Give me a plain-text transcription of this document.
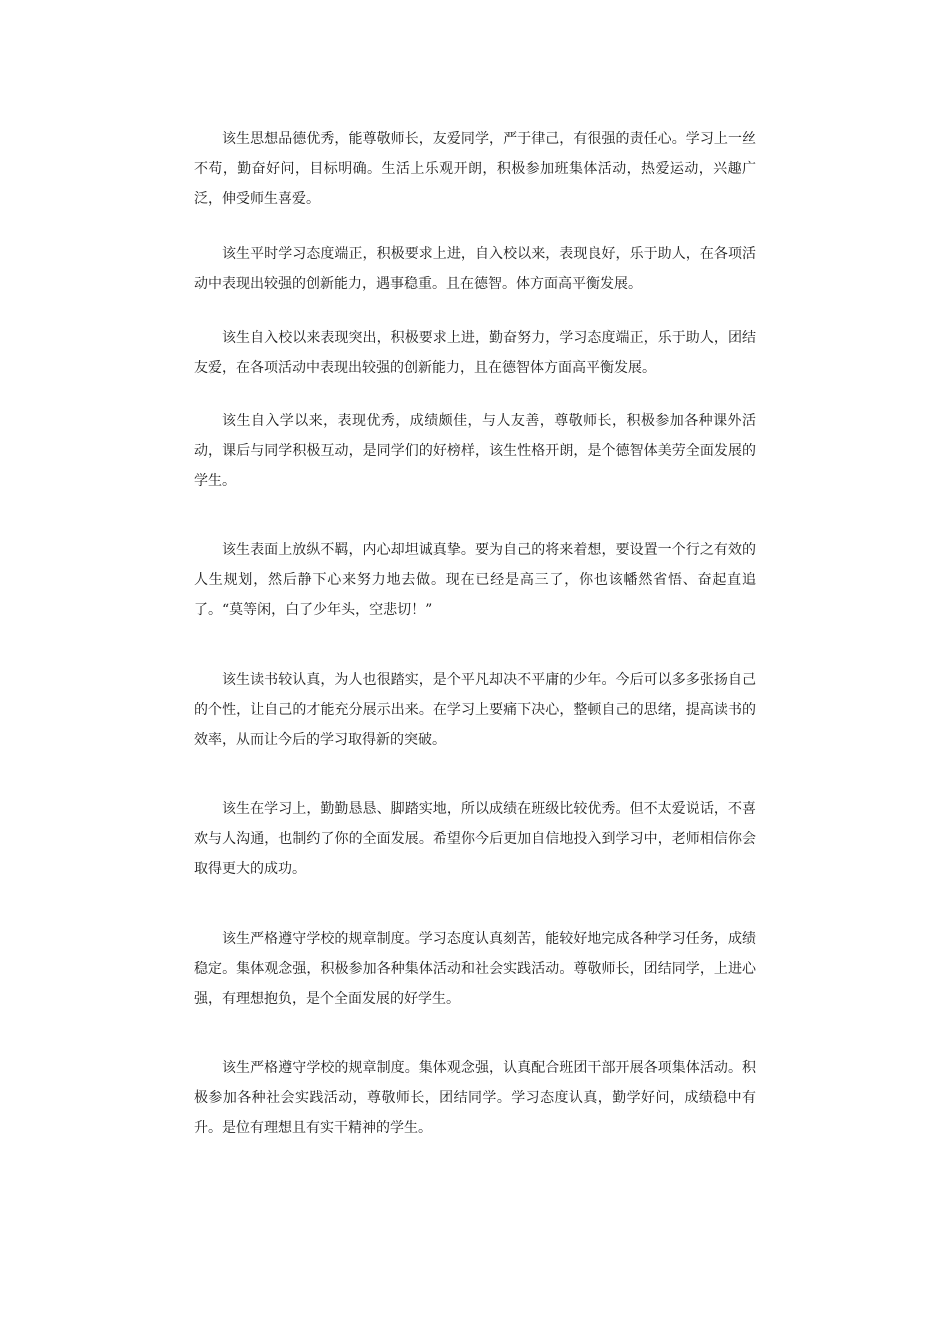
该生思想品德优秀，能尊敬师长，友爱同学，严于律己，有很强的责任心。学习上一丝不苟，勤奋好问，目标明确。生活上乐观开朗，积极参加班集体活动，热爱运动，兴趣广泛，伸受师生喜爱。

该生平时学习态度端正，积极要求上进，自入校以来，表现良好，乐于助人，在各项活动中表现出较强的创新能力，遇事稳重。且在德智。体方面高平衡发展。

该生自入校以来表现突出，积极要求上进，勤奋努力，学习态度端正，乐于助人，团结友爱，在各项活动中表现出较强的创新能力，且在德智体方面高平衡发展。

该生自入学以来，表现优秀，成绩颇佳，与人友善，尊敬师长，积极参加各种课外活动，课后与同学积极互动，是同学们的好榜样，该生性格开朗，是个德智体美劳全面发展的学生。

该生表面上放纵不羁，内心却坦诚真挚。要为自己的将来着想，要设置一个行之有效的人生规划，然后静下心来努力地去做。现在已经是高三了，你也该幡然省悟、奋起直追了。“莫等闲，白了少年头，空悲切！”

该生读书较认真，为人也很踏实，是个平凡却决不平庸的少年。今后可以多多张扬自己的个性，让自己的才能充分展示出来。在学习上要痛下决心，整顿自己的思绪，提高读书的效率，从而让今后的学习取得新的突破。

该生在学习上，勤勤恳恳、脚踏实地，所以成绩在班级比较优秀。但不太爱说话，不喜欢与人沟通，也制约了你的全面发展。希望你今后更加自信地投入到学习中，老师相信你会取得更大的成功。

该生严格遵守学校的规章制度。学习态度认真刻苦，能较好地完成各种学习任务，成绩稳定。集体观念强，积极参加各种集体活动和社会实践活动。尊敬师长，团结同学，上进心强，有理想抱负，是个全面发展的好学生。

该生严格遵守学校的规章制度。集体观念强，认真配合班团干部开展各项集体活动。积极参加各种社会实践活动，尊敬师长，团结同学。学习态度认真，勤学好问，成绩稳中有升。是位有理想且有实干精神的学生。
